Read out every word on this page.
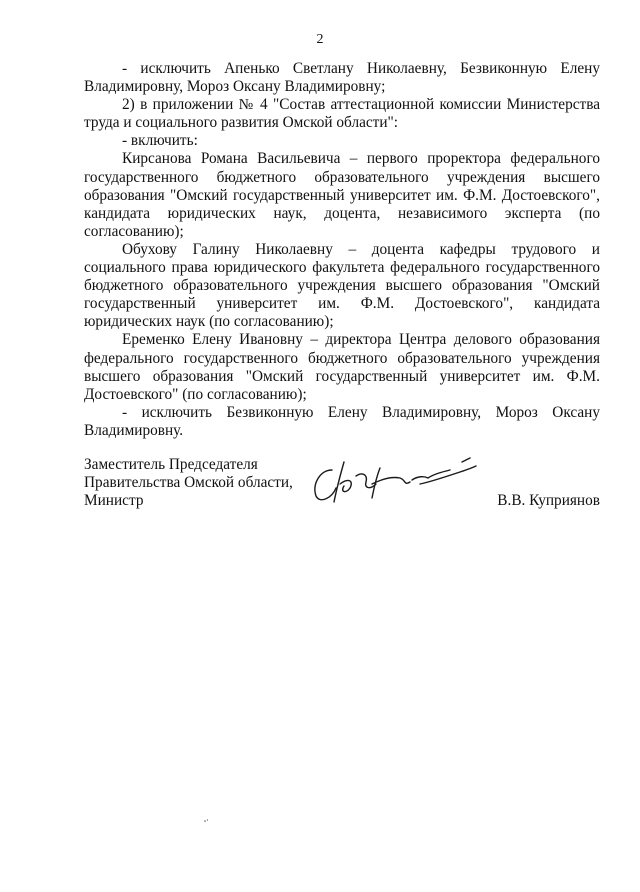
2

- исключить Апенько Светлану Николаевну, Безвиконную Елену Владимировну, Мороз Оксану Владимировну;

2) в приложении № 4 "Состав аттестационной комиссии Министерства труда и социального развития Омской области":

- включить:

Кирсанова Романа Васильевича – первого проректора федерального государственного бюджетного образовательного учреждения высшего образования "Омский государственный университет им. Ф.М. Достоевского", кандидата юридических наук, доцента, независимого эксперта (по согласованию);

Обухову Галину Николаевну – доцента кафедры трудового и социального права юридического факультета федерального государственного бюджетного образовательного учреждения высшего образования "Омский государственный университет им. Ф.М. Достоевского", кандидата юридических наук (по согласованию);

Еременко Елену Ивановну – директора Центра делового образования федерального государственного бюджетного образовательного учреждения высшего образования "Омский государственный университет им. Ф.М. Достоевского" (по согласованию);

- исключить Безвиконную Елену Владимировну, Мороз Оксану Владимировну.

Заместитель Председателя
Правительства Омской области,
Министр	В.В. Куприянов
